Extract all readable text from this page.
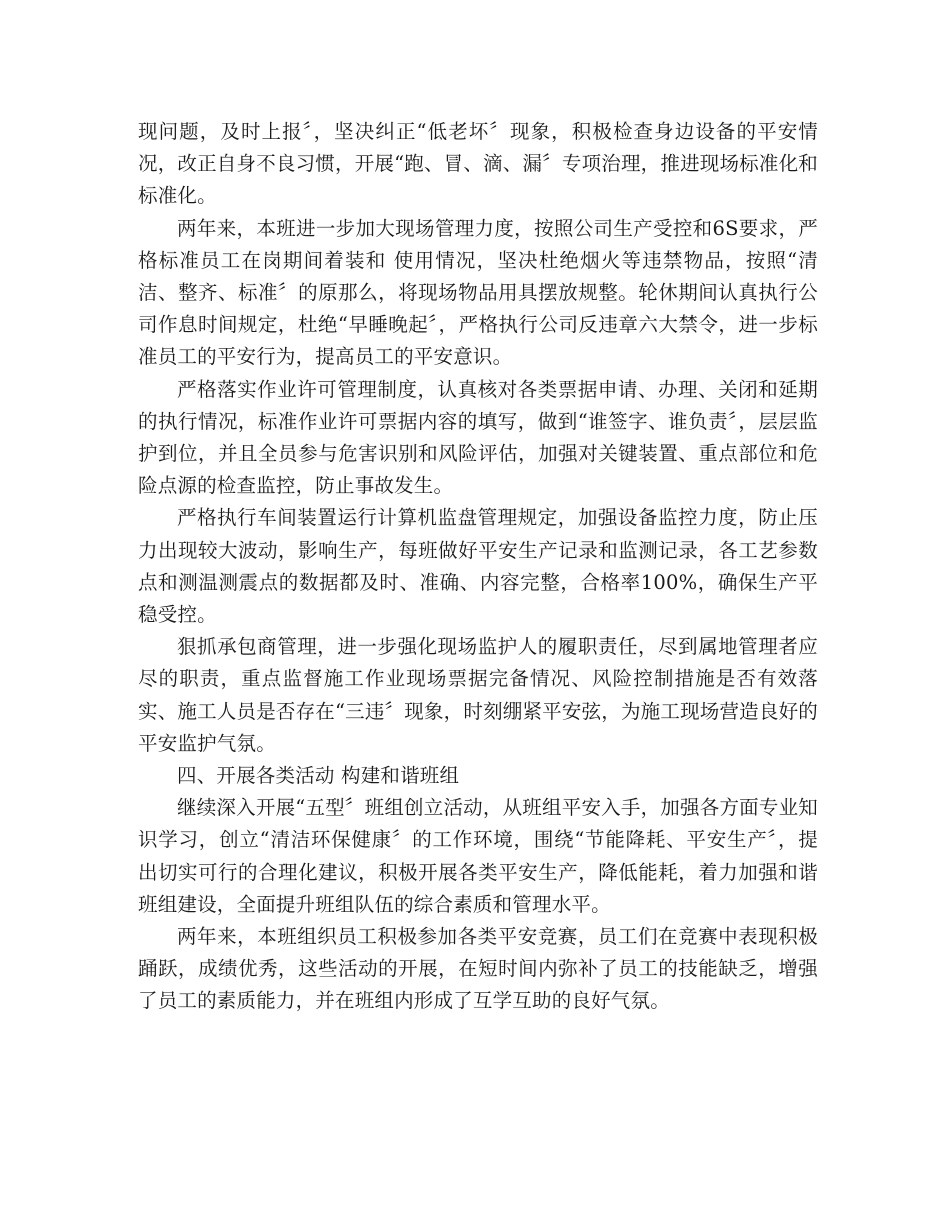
现问题，及时上报〞，坚决纠正“低老坏〞现象，积极检查身边设备的平安情况，改正自身不良习惯，开展“跑、冒、滴、漏〞专项治理，推进现场标准化和标准化。

两年来，本班进一步加大现场管理力度，按照公司生产受控和6S要求，严格标准员工在岗期间着装和 使用情况，坚决杜绝烟火等违禁物品，按照“清洁、整齐、标准〞的原那么，将现场物品用具摆放规整。轮休期间认真执行公司作息时间规定，杜绝“早睡晚起〞，严格执行公司反违章六大禁令，进一步标准员工的平安行为，提高员工的平安意识。

严格落实作业许可管理制度，认真核对各类票据申请、办理、关闭和延期的执行情况，标准作业许可票据内容的填写，做到“谁签字、谁负责〞，层层监护到位，并且全员参与危害识别和风险评估，加强对关键装置、重点部位和危险点源的检查监控，防止事故发生。

严格执行车间装置运行计算机监盘管理规定，加强设备监控力度，防止压力出现较大波动，影响生产，每班做好平安生产记录和监测记录，各工艺参数点和测温测震点的数据都及时、准确、内容完整，合格率100%，确保生产平稳受控。

狠抓承包商管理，进一步强化现场监护人的履职责任，尽到属地管理者应尽的职责，重点监督施工作业现场票据完备情况、风险控制措施是否有效落实、施工人员是否存在“三违〞现象，时刻绷紧平安弦，为施工现场营造良好的平安监护气氛。

四、开展各类活动 构建和谐班组

继续深入开展“五型〞班组创立活动，从班组平安入手，加强各方面专业知识学习，创立“清洁环保健康〞的工作环境，围绕“节能降耗、平安生产〞，提出切实可行的合理化建议，积极开展各类平安生产，降低能耗，着力加强和谐班组建设，全面提升班组队伍的综合素质和管理水平。

两年来，本班组织员工积极参加各类平安竞赛，员工们在竞赛中表现积极踊跃，成绩优秀，这些活动的开展，在短时间内弥补了员工的技能缺乏，增强了员工的素质能力，并在班组内形成了互学互助的良好气氛。
